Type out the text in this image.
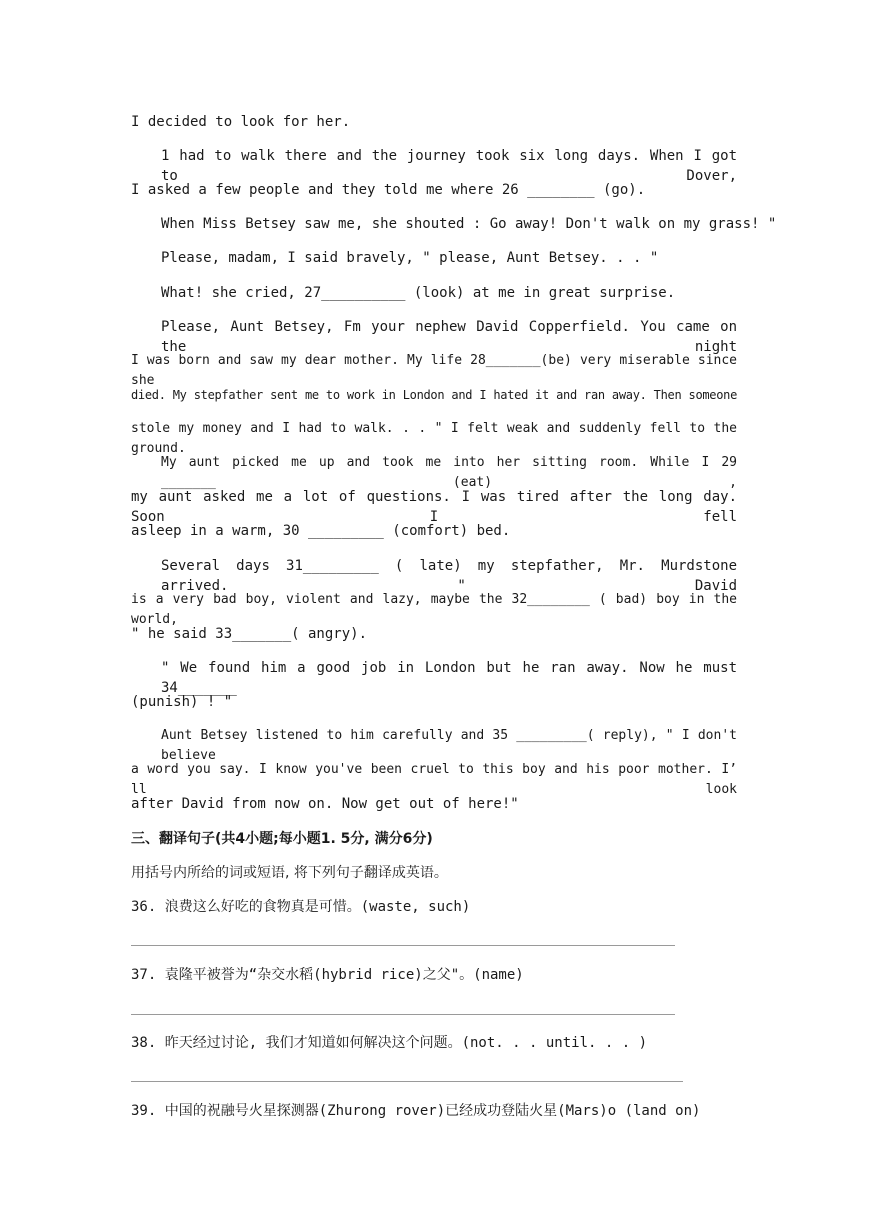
I decided to look for her.
1 had to walk there and the journey took six long days. When I got to Dover,
I asked a few people and they told me where 26 ________ (go).
When Miss Betsey saw me, she shouted : Go away! Don't walk on my grass! "
Please, madam, I said bravely, " please, Aunt Betsey. . . "
What! she cried, 27__________ (look) at me in great surprise.
Please, Aunt Betsey, Fm your nephew David Copperfield. You came on the night
I was born and saw my dear mother. My life 28_______(be) very miserable since she
died. My stepfather sent me to work in London and I hated it and ran away. Then someone
stole my money and I had to walk. . . " I felt weak and suddenly fell to the ground.
My aunt picked me up and took me into her sitting room. While I 29 _______ (eat) ,
my aunt asked me a lot of questions. I was tired after the long day. Soon I fell
asleep in a warm, 30 _________ (comfort) bed.
Several days 31_________ ( late) my stepfather, Mr. Murdstone arrived. " David
is a very bad boy, violent and lazy, maybe the 32________ ( bad) boy in the world,
" he said 33_______( angry).
" We found him a good job in London but he ran away. Now he must 34_______
(punish) ! "
Aunt Betsey listened to him carefully and 35 _________( reply), " I don't believe
a word you say. I know you've been cruel to this boy and his poor mother. I’ ll look
after David from now on. Now get out of here!"
三、翻译句子(共4小题;每小题1. 5分, 满分6分)
用括号内所给的词或短语, 将下列句子翻译成英语。
36. 浪费这么好吃的食物真是可惜。(waste, such)
37. 袁隆平被誉为“杂交水稻(hybrid rice)之父"。(name)
38. 昨天经过讨论, 我们才知道如何解决这个问题。(not. . . until. . . )
39. 中国的祝融号火星探测器(Zhurong rover)已经成功登陆火星(Mars)o (land on)
